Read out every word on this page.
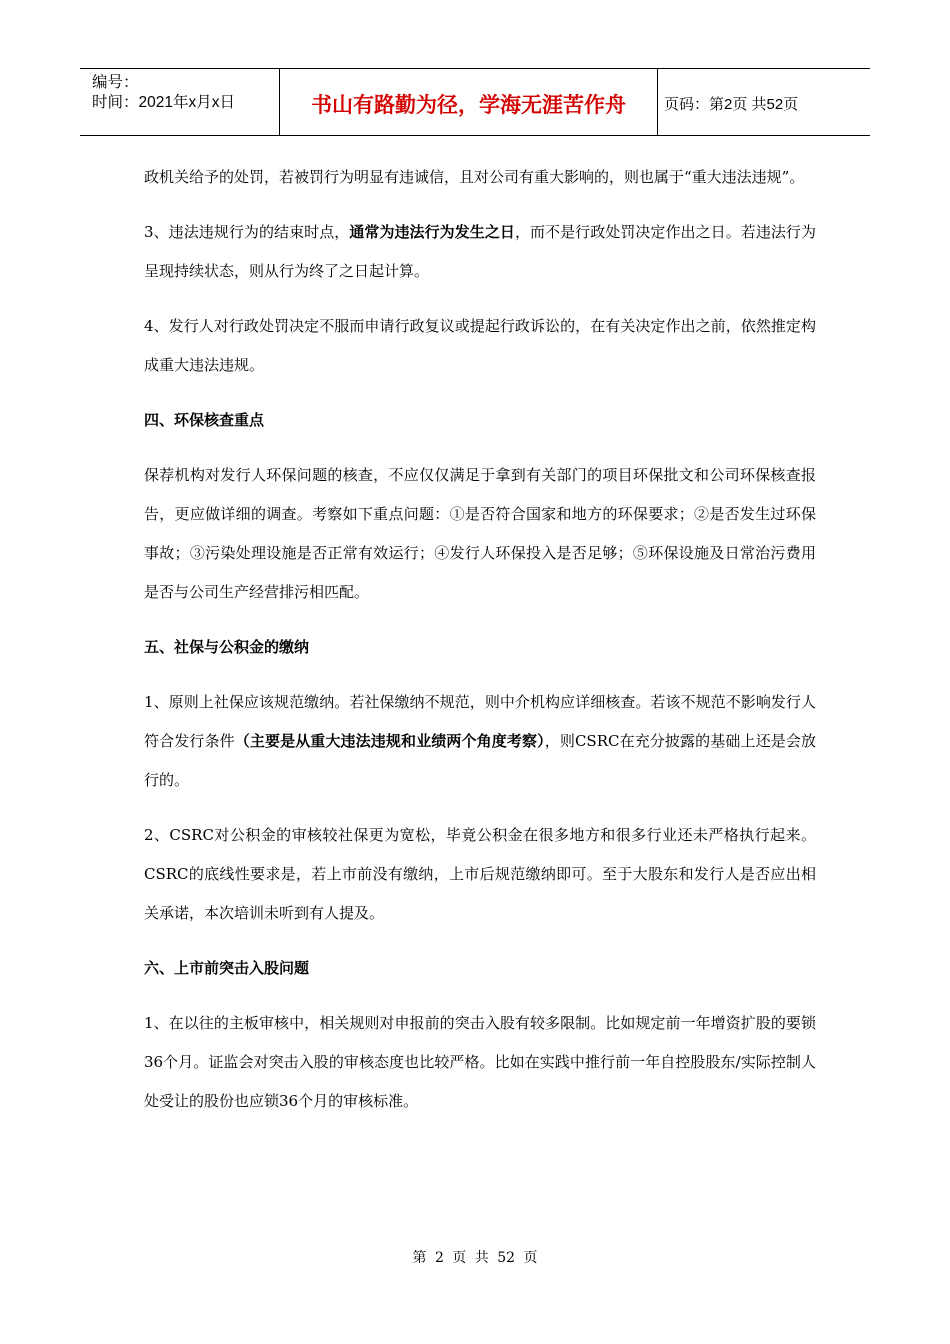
编号：
时间：2021年x月x日	书山有路勤为径，学海无涯苦作舟	页码：第2页 共52页

政机关给予的处罚，若被罚行为明显有违诚信，且对公司有重大影响的，则也属于“重大违法违规”。

3、违法违规行为的结束时点，通常为违法行为发生之日，而不是行政处罚决定作出之日。若违法行为呈现持续状态，则从行为终了之日起计算。

4、发行人对行政处罚决定不服而申请行政复议或提起行政诉讼的，在有关决定作出之前，依然推定构成重大违法违规。

四、环保核查重点

保荐机构对发行人环保问题的核查，不应仅仅满足于拿到有关部门的项目环保批文和公司环保核查报告，更应做详细的调查。考察如下重点问题：①是否符合国家和地方的环保要求；②是否发生过环保事故；③污染处理设施是否正常有效运行；④发行人环保投入是否足够；⑤环保设施及日常治污费用是否与公司生产经营排污相匹配。

五、社保与公积金的缴纳

1、原则上社保应该规范缴纳。若社保缴纳不规范，则中介机构应详细核查。若该不规范不影响发行人符合发行条件（主要是从重大违法违规和业绩两个角度考察），则CSRC在充分披露的基础上还是会放行的。

2、CSRC对公积金的审核较社保更为宽松，毕竟公积金在很多地方和很多行业还未严格执行起来。CSRC的底线性要求是，若上市前没有缴纳，上市后规范缴纳即可。至于大股东和发行人是否应出相关承诺，本次培训未听到有人提及。

六、上市前突击入股问题

1、在以往的主板审核中，相关规则对申报前的突击入股有较多限制。比如规定前一年增资扩股的要锁36个月。证监会对突击入股的审核态度也比较严格。比如在实践中推行前一年自控股股东/实际控制人处受让的股份也应锁36个月的审核标准。

第 2 页 共 52 页
